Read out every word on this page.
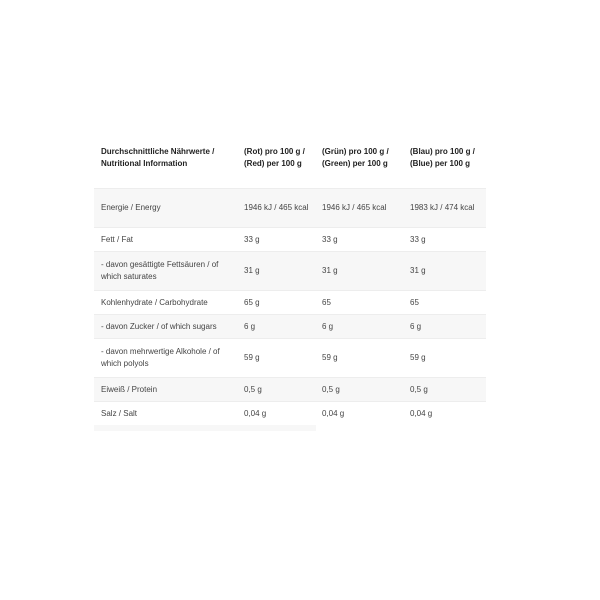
Durchschnittliche Nährwerte / Nutritional Information	(Rot) pro 100 g / (Red) per 100 g	(Grün) pro 100 g / (Green) per 100 g	(Blau) pro 100 g / (Blue) per 100 g
Energie / Energy	1946 kJ / 465 kcal	1946 kJ / 465 kcal	1983 kJ / 474 kcal
Fett / Fat	33 g	33 g	33 g
- davon gesättigte Fettsäuren / of which saturates	31 g	31 g	31 g
Kohlenhydrate / Carbohydrate	65 g	65	65
- davon Zucker / of which sugars	6 g	6 g	6 g
- davon mehrwertige Alkohole / of which polyols	59 g	59 g	59 g
Eiweiß / Protein	0,5 g	0,5 g	0,5 g
Salz / Salt	0,04 g	0,04 g	0,04 g
